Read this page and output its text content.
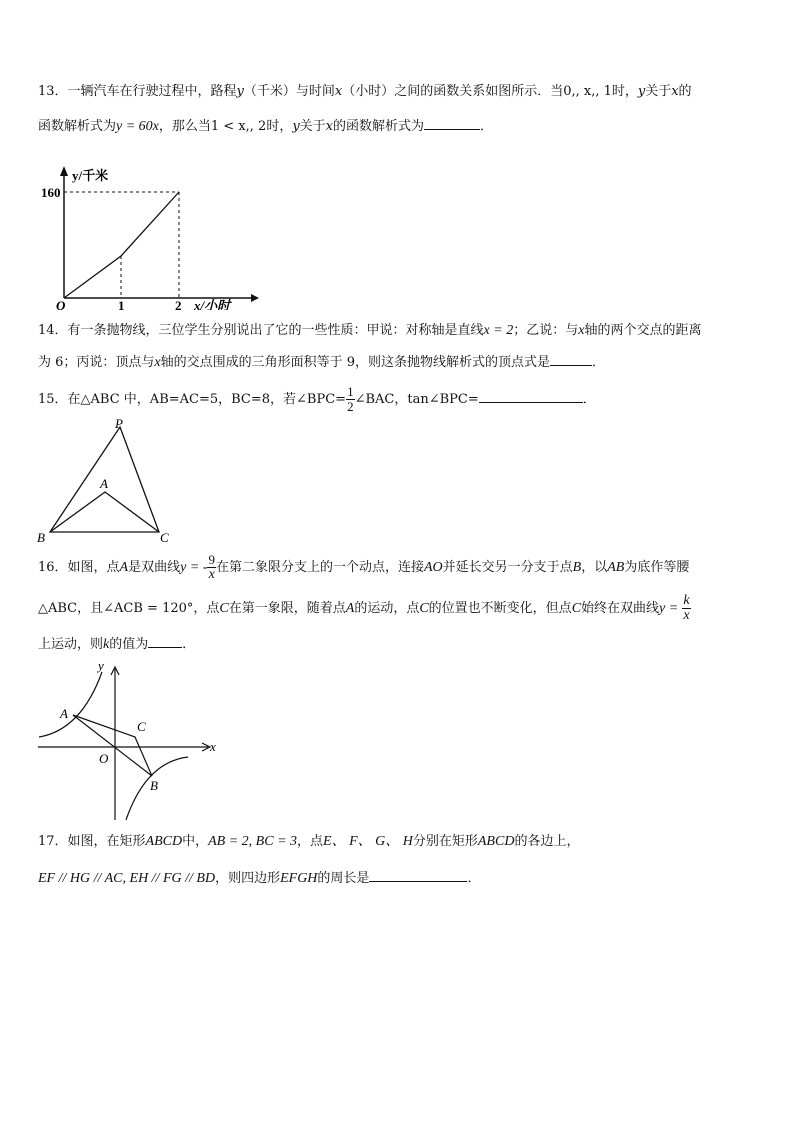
13．一辆汽车在行驶过程中，路程𝑦（千米）与时间𝑥（小时）之间的函数关系如图所示．当0,, x,, 1时，𝑦关于𝑥的
函数解析式为y = 60x，那么当1 < x,, 2时，𝑦关于𝑥的函数解析式为	．
y/千米
160
O	1	2 x/小时
14．有一条抛物线，三位学生分别说出了它的一些性质：甲说：对称轴是直线x = 2；乙说：与x轴的两个交点的距离
为 6；丙说：顶点与x轴的交点围成的三角形面积等于 9，则这条抛物线解析式的顶点式是	．
15．在△ABC 中，AB=AC=5，BC=8，若∠BPC= $\frac{1}{2}$ ∠BAC，tan∠BPC=	．
P
A
B	C
16．如图，点A是双曲线y = - $\frac{9}{x}$ 在第二象限分支上的一个动点，连接AO并延长交另一分支于点B，以AB为底作等腰
△ABC，且∠ACB = 120°，点C在第一象限，随着点A的运动，点C的位置也不断变化，但点C始终在双曲线$y = \frac{k}{x}$
上运动，则k的值为	．
y
x
O
A
C
B
17．如图，在矩形ABCD中，AB = 2, BC = 3，点E、 F、 G、 H分别在矩形ABCD的各边上，
EF // HG // AC, EH // FG // BD，则四边形EFGH的周长是	．
